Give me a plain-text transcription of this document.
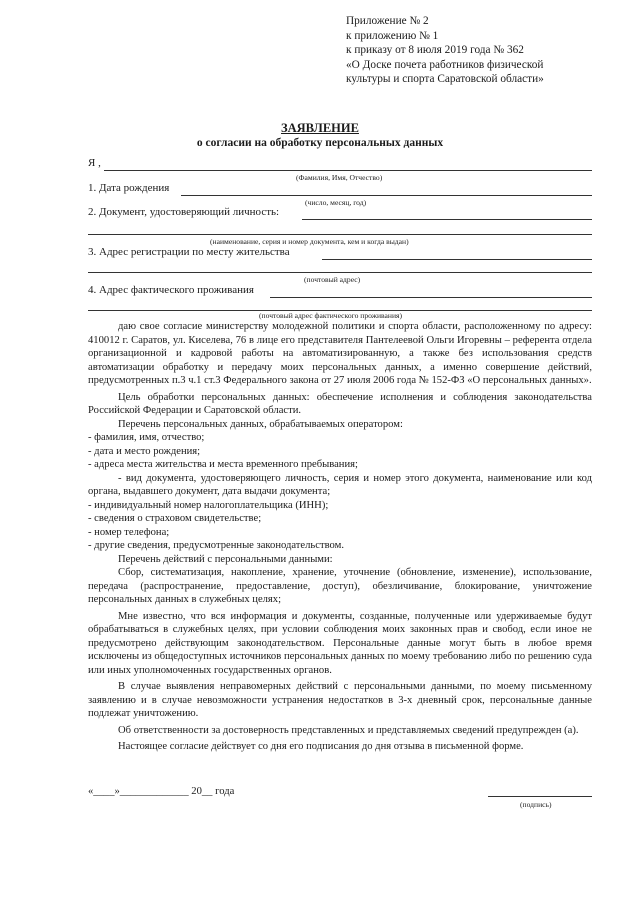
Приложение № 2
к приложению № 1
к приказу от 8 июля 2019 года № 362
«О Доске почета работников физической
культуры и спорта Саратовской области»
ЗАЯВЛЕНИЕ
о согласии на обработку персональных данных
Я ,
(Фамилия, Имя, Отчество)
1. Дата рождения
(число, месяц, год)
2. Документ, удостоверяющий личность:
(наименование, серия и номер документа, кем и когда выдан)
3. Адрес регистрации по месту жительства
(почтовый адрес)
4. Адрес фактического проживания
(почтовый адрес фактического проживания)

даю свое согласие министерству молодежной политики и спорта области, расположенному по адресу: 410012 г. Саратов, ул. Киселева, 76 в лице его представителя Пантелеевой Ольги Игоревны – референта отдела организационной и кадровой работы на автоматизированную, а также без использования средств автоматизации обработку и передачу моих персональных данных, а именно совершение действий, предусмотренных п.3 ч.1 ст.3 Федерального закона от 27 июля 2006 года № 152-ФЗ «О персональных данных».

Цель обработки персональных данных: обеспечение исполнения и соблюдения законодательства Российской Федерации и Саратовской области.

Перечень персональных данных, обрабатываемых оператором:

- фамилия, имя, отчество;

- дата и место рождения;

- адреса места жительства и места временного пребывания;

- вид документа, удостоверяющего личность, серия и номер этого документа, наименование или код органа, выдавшего документ, дата выдачи документа;

- индивидуальный номер налогоплательщика (ИНН);

- сведения о страховом свидетельстве;

- номер телефона;

- другие сведения, предусмотренные законодательством.

Перечень действий с персональными данными:

Сбор, систематизация, накопление, хранение, уточнение (обновление, изменение), использование, передача (распространение, предоставление, доступ), обезличивание, блокирование, уничтожение персональных данных в служебных целях;

Мне известно, что вся информация и документы, созданные, полученные или удерживаемые будут обрабатываться в служебных целях, при условии соблюдения моих законных прав и свобод, если иное не предусмотрено действующим законодательством. Персональные данные могут быть в любое время исключены из общедоступных источников персональных данных по моему требованию либо по решению суда или иных уполномоченных государственных органов.

В случае выявления неправомерных действий с персональными данными, по моему письменному заявлению и в случае невозможности устранения недостатков в 3-х дневный срок, персональные данные подлежат уничтожению.

Об ответственности за достоверность представленных и представляемых сведений предупрежден (а).

Настоящее согласие действует со дня его подписания до дня отзыва в письменной форме.

«____»_____________ 20__ года
(подпись)
